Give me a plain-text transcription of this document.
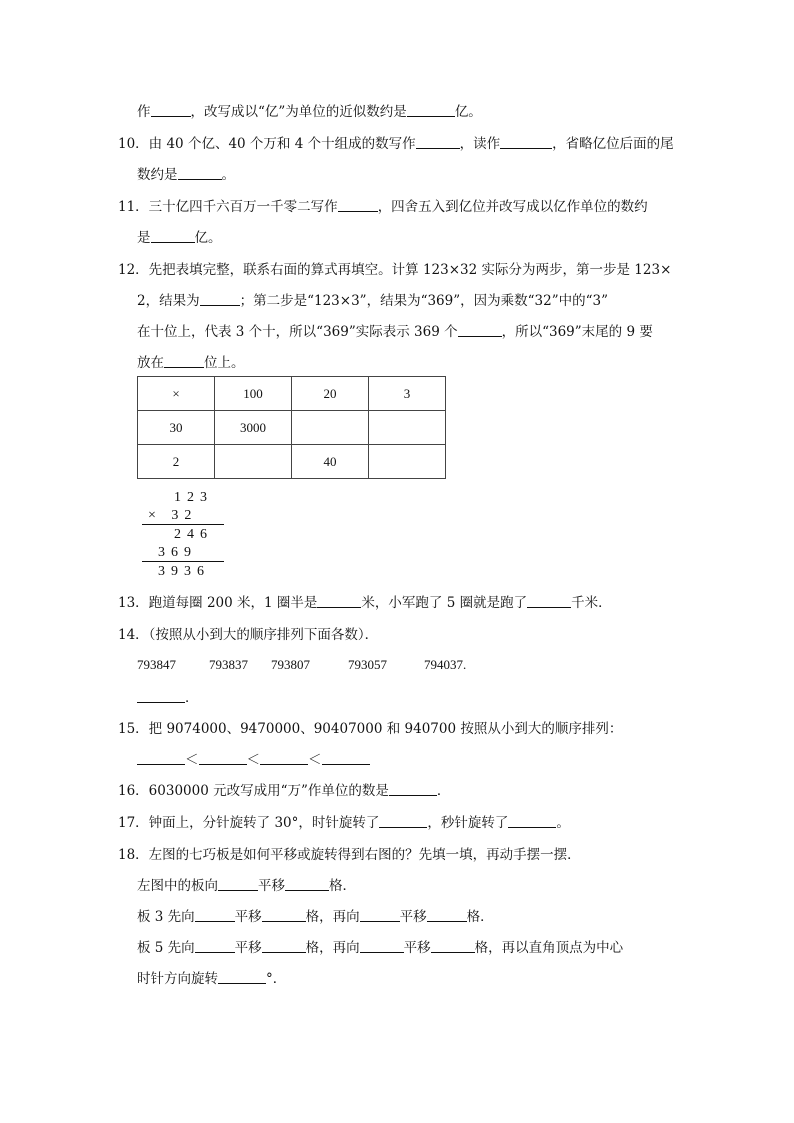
作	，改写成以“亿”为单位的近似数约是	亿。
10．由 40 个亿、40 个万和 4 个十组成的数写作	，读作	，省略亿位后面的尾
数约是	。
11．三十亿四千六百万一千零二写作	，四舍五入到亿位并改写成以亿作单位的数约
是	亿。
12．先把表填完整，联系右面的算式再填空。计算 123×32 实际分为两步，第一步是 123×
2，结果为	；第二步是“123×3”，结果为“369”，因为乘数“32”中的“3”
在十位上，代表 3 个十，所以“369”实际表示 369 个	，所以“369”末尾的 9 要
放在	位上。
×	100	20	3
30	3000		
2		40	
123
× 32
246
369
3936
13．跑道每圈 200 米，1 圈半是	米，小军跑了 5 圈就是跑了	千米．
14．（按照从小到大的顺序排列下面各数）．
793847	793837 793807	793057	794037.
．
15．把 9074000、9470000、90407000 和 940700 按照从小到大的顺序排列：
＜	＜	＜
16．6030000 元改写成用“万”作单位的数是	．
17．钟面上，分针旋转了 30°，时针旋转了	，秒针旋转了	。
18．左图的七巧板是如何平移或旋转得到右图的？先填一填，再动手摆一摆．
左图中的板向	平移	格．
板 3 先向	平移	格，再向	平移	格．
板 5 先向	平移	格，再向	平移	格，再以直角顶点为中心
时针方向旋转	°．
